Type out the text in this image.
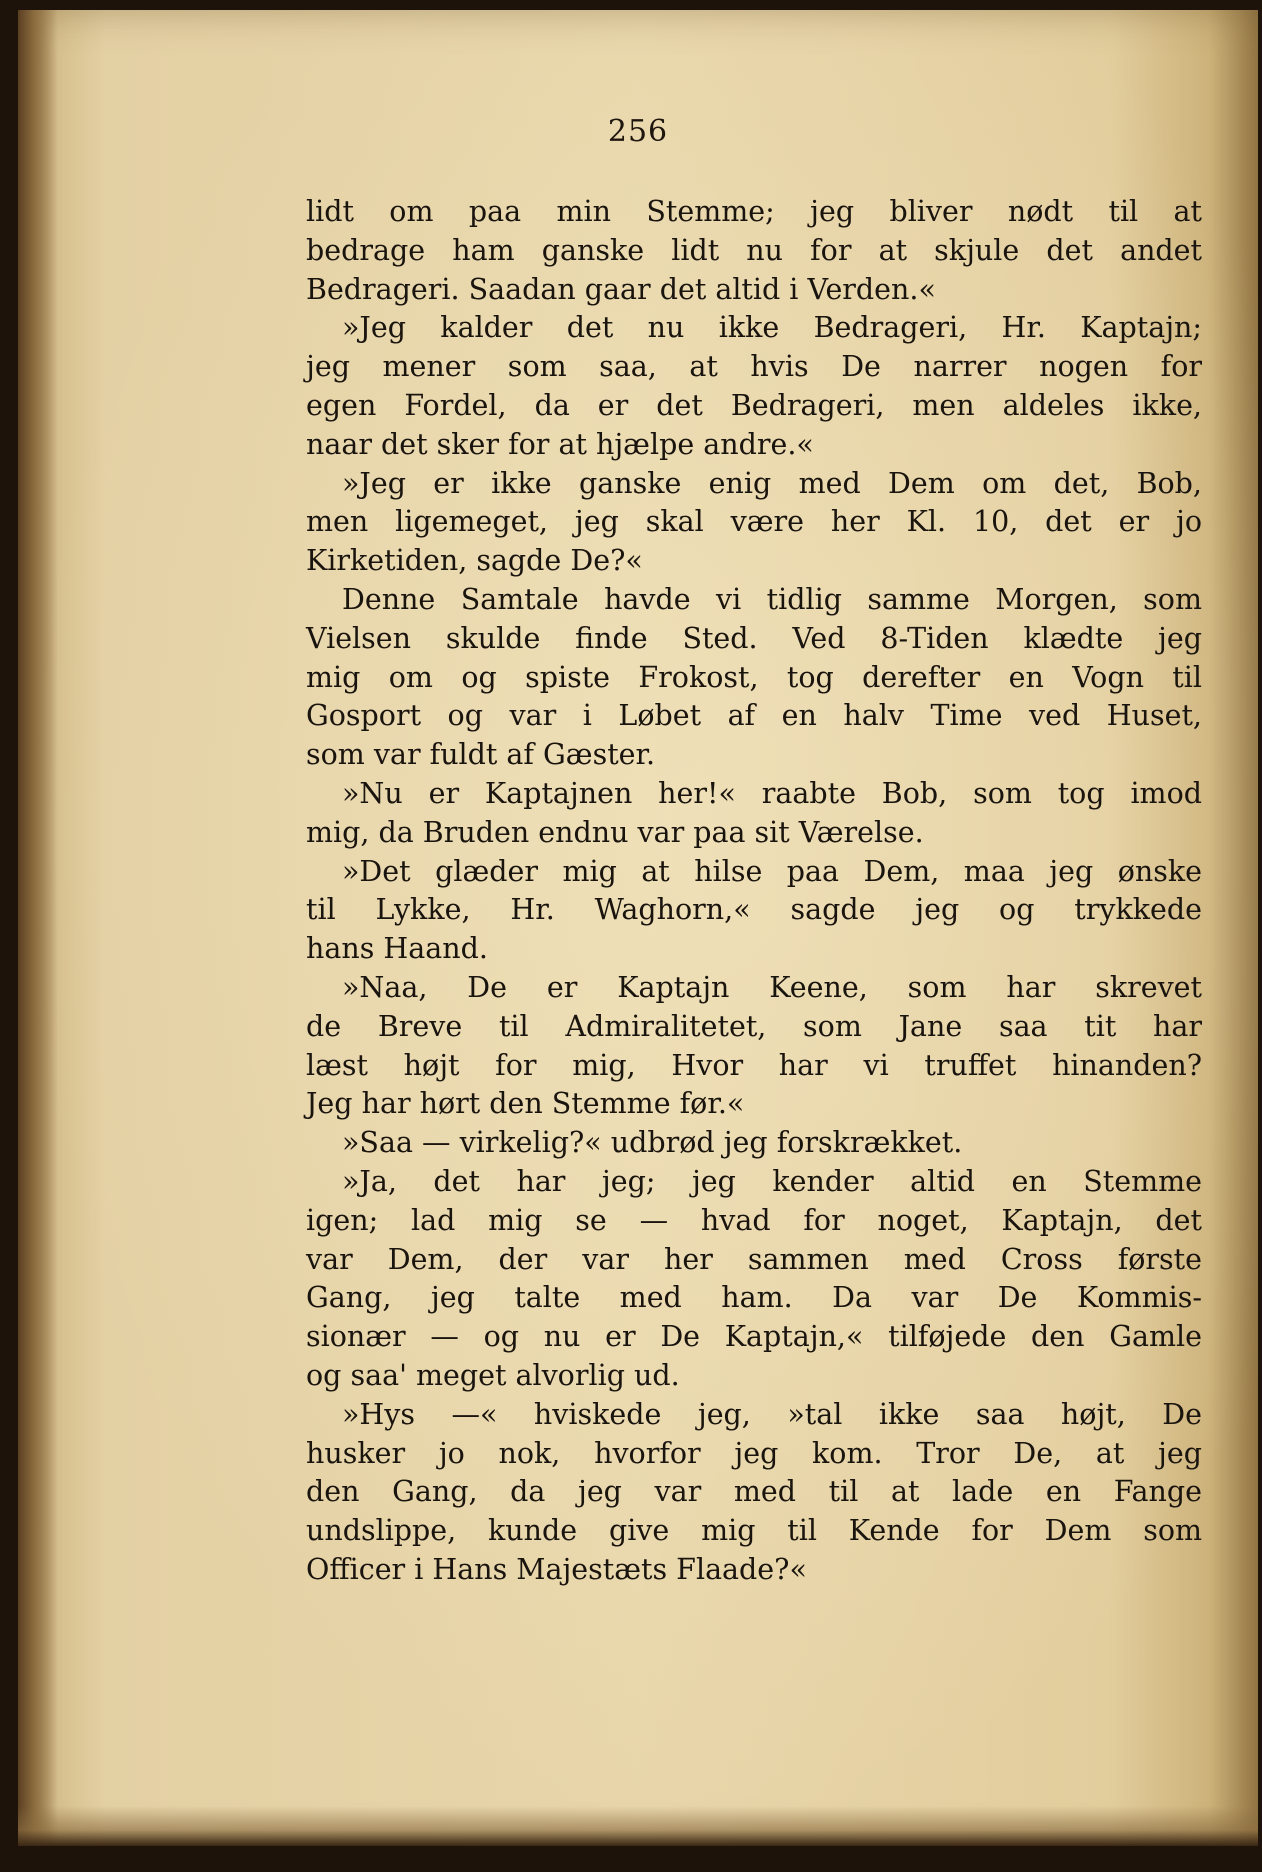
256
lidt om paa min Stemme; jeg bliver nødt til at
bedrage ham ganske lidt nu for at skjule det andet
Bedrageri. Saadan gaar det altid i Verden.«
»Jeg kalder det nu ikke Bedrageri, Hr. Kaptajn;
jeg mener som saa, at hvis De narrer nogen for
egen Fordel, da er det Bedrageri, men aldeles ikke,
naar det sker for at hjælpe andre.«
»Jeg er ikke ganske enig med Dem om det, Bob,
men ligemeget, jeg skal være her Kl. 10, det er jo
Kirketiden, sagde De?«
Denne Samtale havde vi tidlig samme Morgen, som
Vielsen skulde finde Sted. Ved 8-Tiden klædte jeg
mig om og spiste Frokost, tog derefter en Vogn til
Gosport og var i Løbet af en halv Time ved Huset,
som var fuldt af Gæster.
»Nu er Kaptajnen her!« raabte Bob, som tog imod
mig, da Bruden endnu var paa sit Værelse.
»Det glæder mig at hilse paa Dem, maa jeg ønske
til Lykke, Hr. Waghorn,« sagde jeg og trykkede
hans Haand.
»Naa, De er Kaptajn Keene, som har skrevet
de Breve til Admiralitetet, som Jane saa tit har
læst højt for mig, Hvor har vi truffet hinanden?
Jeg har hørt den Stemme før.«
»Saa — virkelig?« udbrød jeg forskrækket.
»Ja, det har jeg; jeg kender altid en Stemme
igen; lad mig se — hvad for noget, Kaptajn, det
var Dem, der var her sammen med Cross første
Gang, jeg talte med ham. Da var De Kommis-
sionær — og nu er De Kaptajn,« tilføjede den Gamle
og saa' meget alvorlig ud.
»Hys —« hviskede jeg, »tal ikke saa højt, De
husker jo nok, hvorfor jeg kom. Tror De, at jeg
den Gang, da jeg var med til at lade en Fange
undslippe, kunde give mig til Kende for Dem som
Officer i Hans Majestæts Flaade?«
